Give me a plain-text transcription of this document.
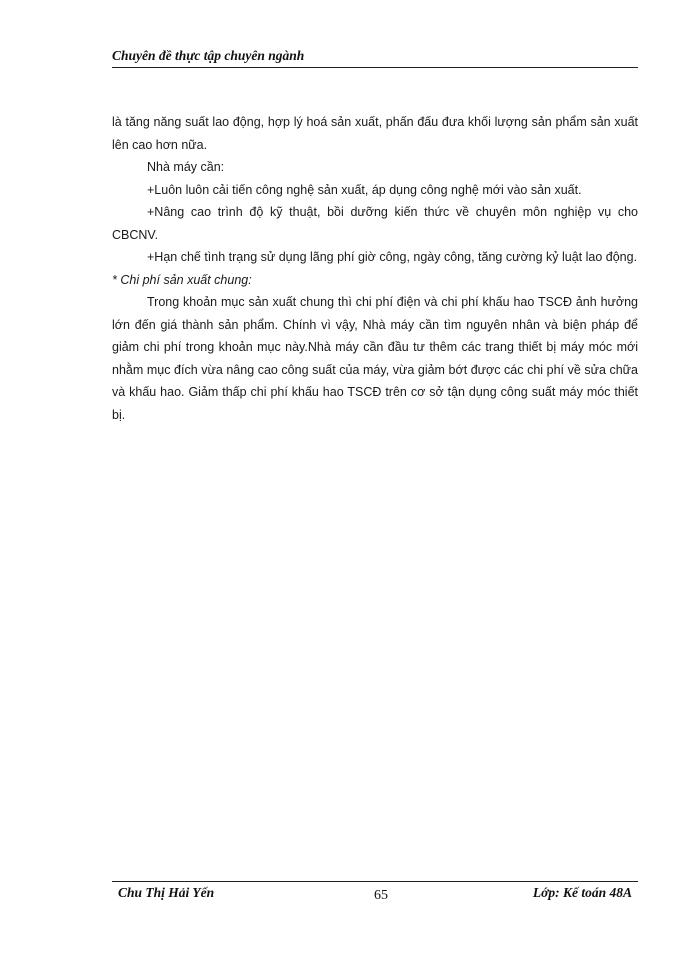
Chuyên đề thực tập chuyên ngành

là tăng năng suất lao động, hợp lý hoá sản xuất, phấn đấu đưa khối lượng sản phẩm sản xuất lên cao hơn nữa.

Nhà máy cần:

+Luôn luôn cải tiến công nghệ sản xuất, áp dụng công nghệ mới vào sản xuất.

+Nâng cao trình độ kỹ thuật, bồi dưỡng kiến thức về chuyên môn nghiệp vụ cho CBCNV.

+Hạn chế tình trạng sử dụng lãng phí giờ công, ngày công, tăng cường kỷ luật lao động.

* Chi phí sản xuất chung:

Trong khoản mục sản xuất chung thì chi phí điện và chi phí khấu hao TSCĐ ảnh hưởng lớn đến giá thành sản phẩm. Chính vì vậy, Nhà máy cần tìm nguyên nhân và biện pháp để giảm chi phí trong khoản mục này.Nhà máy cần đầu tư thêm các trang thiết bị máy móc mới nhằm mục đích vừa nâng cao công suất của máy, vừa giảm bớt được các chi phí về sửa chữa và khấu hao. Giảm thấp chi phí khấu hao TSCĐ trên cơ sở tận dụng công suất máy móc thiết bị.

Chu Thị Hải Yến	65	Lớp: Kế toán 48A
